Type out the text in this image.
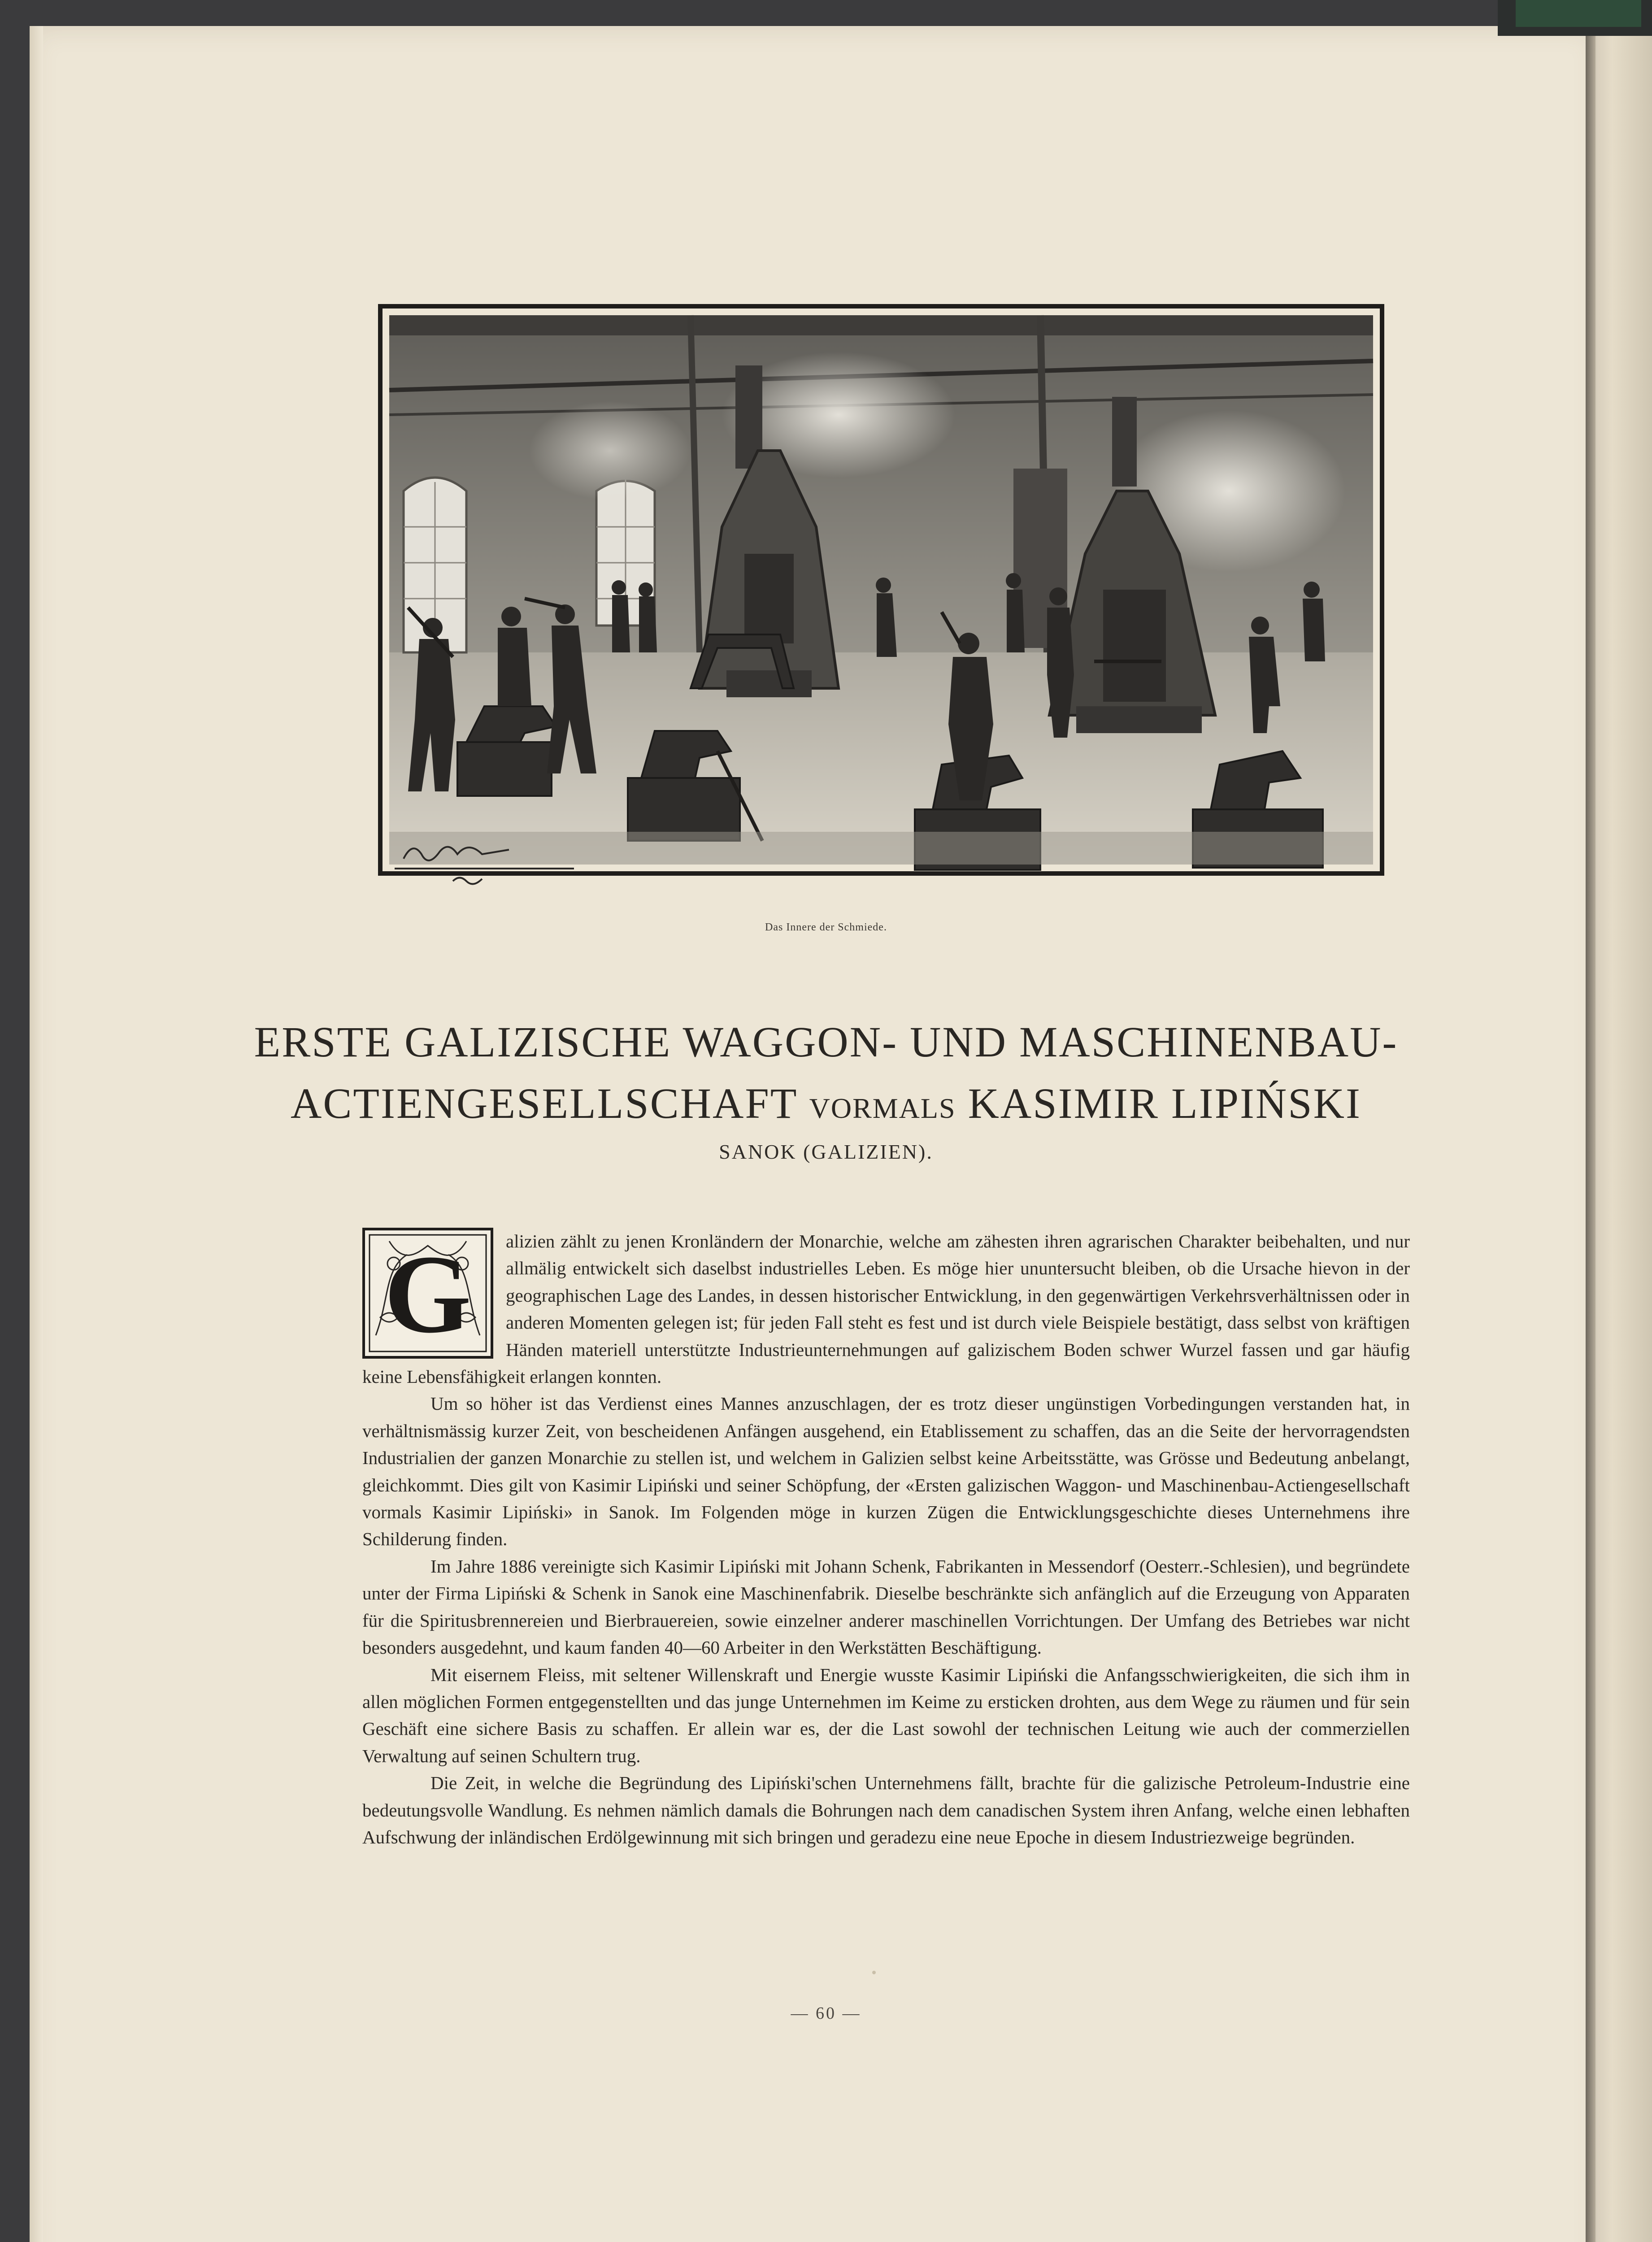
Das Innere der Schmiede.
ERSTE GALIZISCHE WAGGON- UND MASCHINENBAU-
ACTIENGESELLSCHAFT VORMALS KASIMIR LIPIŃSKI
SANOK (GALIZIEN).
G	alizien zählt zu jenen Kronländern der Monarchie, welche am zähesten ihren agrarischen Charakter beibehalten, und nur allmälig entwickelt sich daselbst industrielles Leben. Es möge hier ununtersucht bleiben, ob die Ursache hievon in der geographischen Lage des Landes, in dessen historischer Entwicklung, in den gegenwärtigen Verkehrsverhältnissen oder in anderen Momenten gelegen ist; für jeden Fall steht es fest und ist durch viele Beispiele bestätigt, dass selbst von kräftigen Händen materiell unterstützte Industrieunternehmungen auf galizischem Boden schwer Wurzel fassen und gar häufig keine Lebensfähigkeit erlangen konnten.

Um so höher ist das Verdienst eines Mannes anzuschlagen, der es trotz dieser ungünstigen Vorbedingungen verstanden hat, in verhältnismässig kurzer Zeit, von bescheidenen Anfängen ausgehend, ein Etablissement zu schaffen, das an die Seite der hervorragendsten Industrialien der ganzen Monarchie zu stellen ist, und welchem in Galizien selbst keine Arbeitsstätte, was Grösse und Bedeutung anbelangt, gleichkommt. Dies gilt von Kasimir Lipiński und seiner Schöpfung, der «Ersten galizischen Waggon- und Maschinenbau-Actiengesellschaft vormals Kasimir Lipiński» in Sanok. Im Folgenden möge in kurzen Zügen die Entwicklungsgeschichte dieses Unternehmens ihre Schilderung finden.

Im Jahre 1886 vereinigte sich Kasimir Lipiński mit Johann Schenk, Fabrikanten in Messendorf (Oesterr.-Schlesien), und begründete unter der Firma Lipiński & Schenk in Sanok eine Maschinenfabrik. Dieselbe beschränkte sich anfänglich auf die Erzeugung von Apparaten für die Spiritusbrennereien und Bierbrauereien, sowie einzelner anderer maschinellen Vorrichtungen. Der Umfang des Betriebes war nicht besonders ausgedehnt, und kaum fanden 40—60 Arbeiter in den Werkstätten Beschäftigung.

Mit eisernem Fleiss, mit seltener Willenskraft und Energie wusste Kasimir Lipiński die Anfangsschwierigkeiten, die sich ihm in allen möglichen Formen entgegenstellten und das junge Unternehmen im Keime zu ersticken drohten, aus dem Wege zu räumen und für sein Geschäft eine sichere Basis zu schaffen. Er allein war es, der die Last sowohl der technischen Leitung wie auch der commerziellen Verwaltung auf seinen Schultern trug.

Die Zeit, in welche die Begründung des Lipiński'schen Unternehmens fällt, brachte für die galizische Petroleum-Industrie eine bedeutungsvolle Wandlung. Es nehmen nämlich damals die Bohrungen nach dem canadischen System ihren Anfang, welche einen lebhaften Aufschwung der inländischen Erdölgewinnung mit sich bringen und geradezu eine neue Epoche in diesem Industriezweige begründen.

— 60 —
